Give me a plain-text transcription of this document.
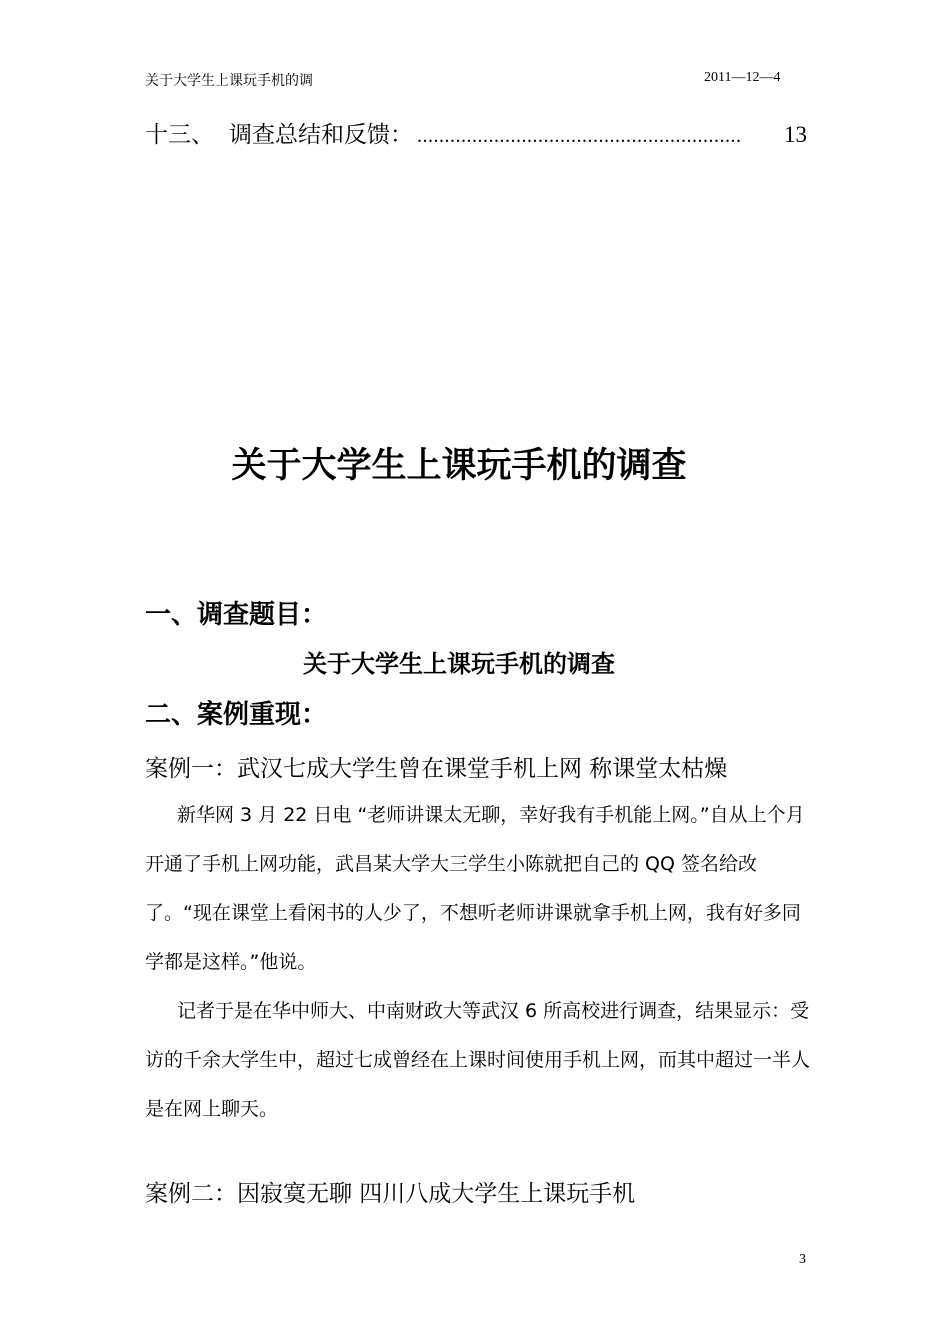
关于大学生上课玩手机的调	2011—12—4
十三、 调查总结和反馈： ...........................................................	13
关于大学生上课玩手机的调查
一、调查题目：
关于大学生上课玩手机的调查
二、案例重现：
案例一：武汉七成大学生曾在课堂手机上网 称课堂太枯燥
新华网 3 月 22 日电 “老师讲课太无聊，幸好我有手机能上网。”自从上个月开通了手机上网功能，武昌某大学大三学生小陈就把自己的 QQ 签名给改了。“现在课堂上看闲书的人少了，不想听老师讲课就拿手机上网，我有好多同学都是这样。”他说。
记者于是在华中师大、中南财政大等武汉 6 所高校进行调查，结果显示：受访的千余大学生中，超过七成曾经在上课时间使用手机上网，而其中超过一半人是在网上聊天。
案例二：因寂寞无聊 四川八成大学生上课玩手机
3
